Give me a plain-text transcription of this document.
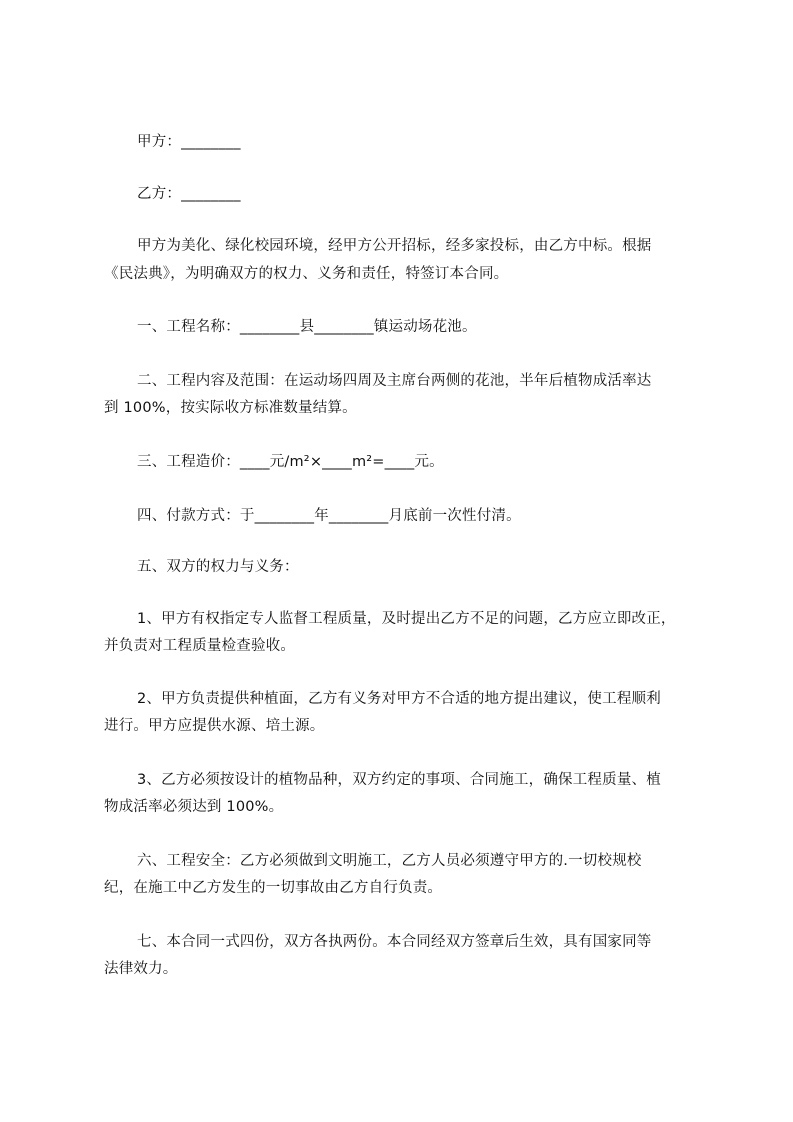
甲方：________
乙方：________
甲方为美化、绿化校园环境，经甲方公开招标，经多家投标，由乙方中标。根据
《民法典》，为明确双方的权力、义务和责任，特签订本合同。
一、工程名称：________县________镇运动场花池。
二、工程内容及范围：在运动场四周及主席台两侧的花池，半年后植物成活率达
到 100%，按实际收方标准数量结算。
三、工程造价：____元/m²×____m²=____元。
四、付款方式：于________年________月底前一次性付清。
五、双方的权力与义务：
1、甲方有权指定专人监督工程质量，及时提出乙方不足的问题，乙方应立即改正，
并负责对工程质量检查验收。
2、甲方负责提供种植面，乙方有义务对甲方不合适的地方提出建议，使工程顺利
进行。甲方应提供水源、培土源。
3、乙方必须按设计的植物品种，双方约定的事项、合同施工，确保工程质量、植
物成活率必须达到 100%。
六、工程安全：乙方必须做到文明施工，乙方人员必须遵守甲方的.一切校规校
纪，在施工中乙方发生的一切事故由乙方自行负责。
七、本合同一式四份，双方各执两份。本合同经双方签章后生效，具有国家同等
法律效力。
